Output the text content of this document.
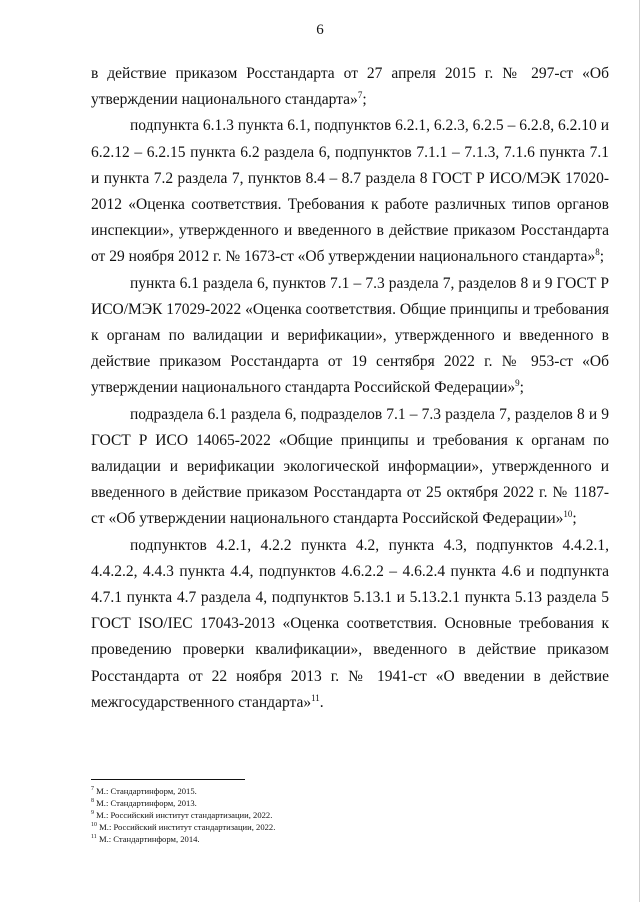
6

в действие приказом Росстандарта от 27 апреля 2015 г. № 297-ст «Об утверждении национального стандарта»$^7$;

подпункта 6.1.3 пункта 6.1, подпунктов 6.2.1, 6.2.3, 6.2.5 – 6.2.8, 6.2.10 и 6.2.12 – 6.2.15 пункта 6.2 раздела 6, подпунктов 7.1.1 – 7.1.3, 7.1.6 пункта 7.1 и пункта 7.2 раздела 7, пунктов 8.4 – 8.7 раздела 8 ГОСТ Р ИСО/МЭК 17020-2012 «Оценка соответствия. Требования к работе различных типов органов инспекции», утвержденного и введенного в действие приказом Росстандарта от 29 ноября 2012 г. № 1673-ст «Об утверждении национального стандарта»$^8$;

пункта 6.1 раздела 6, пунктов 7.1 – 7.3 раздела 7, разделов 8 и 9 ГОСТ Р ИСО/МЭК 17029-2022 «Оценка соответствия. Общие принципы и требования к органам по валидации и верификации», утвержденного и введенного в действие приказом Росстандарта от 19 сентября 2022 г. № 953-ст «Об утверждении национального стандарта Российской Федерации»$^9$;

подраздела 6.1 раздела 6, подразделов 7.1 – 7.3 раздела 7, разделов 8 и 9 ГОСТ Р ИСО 14065-2022 «Общие принципы и требования к органам по валидации и верификации экологической информации», утвержденного и введенного в действие приказом Росстандарта от 25 октября 2022 г. № 1187-ст «Об утверждении национального стандарта Российской Федерации»$^{10}$;

подпунктов 4.2.1, 4.2.2 пункта 4.2, пункта 4.3, подпунктов 4.4.2.1, 4.4.2.2, 4.4.3 пункта 4.4, подпунктов 4.6.2.2 – 4.6.2.4 пункта 4.6 и подпункта 4.7.1 пункта 4.7 раздела 4, подпунктов 5.13.1 и 5.13.2.1 пункта 5.13 раздела 5 ГОСТ ISO/IEC 17043-2013 «Оценка соответствия. Основные требования к проведению проверки квалификации», введенного в действие приказом Росстандарта от 22 ноября 2013 г. № 1941-ст «О введении в действие межгосударственного стандарта»$^{11}$.

$^7$ М.: Стандартинформ, 2015.
$^8$ М.: Стандартинформ, 2013.
$^9$ М.: Российский институт стандартизации, 2022.
$^{10}$ М.: Российский институт стандартизации, 2022.
$^{11}$ М.: Стандартинформ, 2014.
